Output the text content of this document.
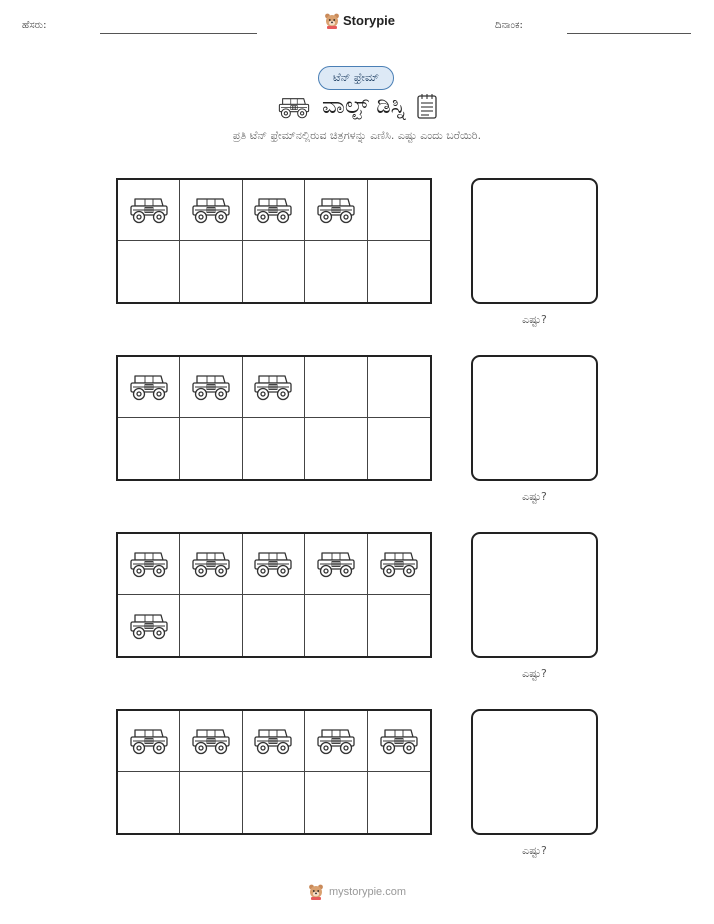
ಹೆಸರು:	Storypie	ದಿನಾಂಕ:
ಟೆನ್ ಫ್ರೇಮ್
ವಾಲ್ಟ್ ಡಿಸ್ನಿ
ಪ್ರತಿ ಟೆನ್ ಫ್ರೇಮ್‌ನಲ್ಲಿರುವ ಚಿತ್ರಗಳನ್ನು ಎಣಿಸಿ. ಎಷ್ಟು ಎಂದು ಬರೆಯಿರಿ.
ಎಷ್ಟು?
ಎಷ್ಟು?
ಎಷ್ಟು?
ಎಷ್ಟು?
mystorypie.com
